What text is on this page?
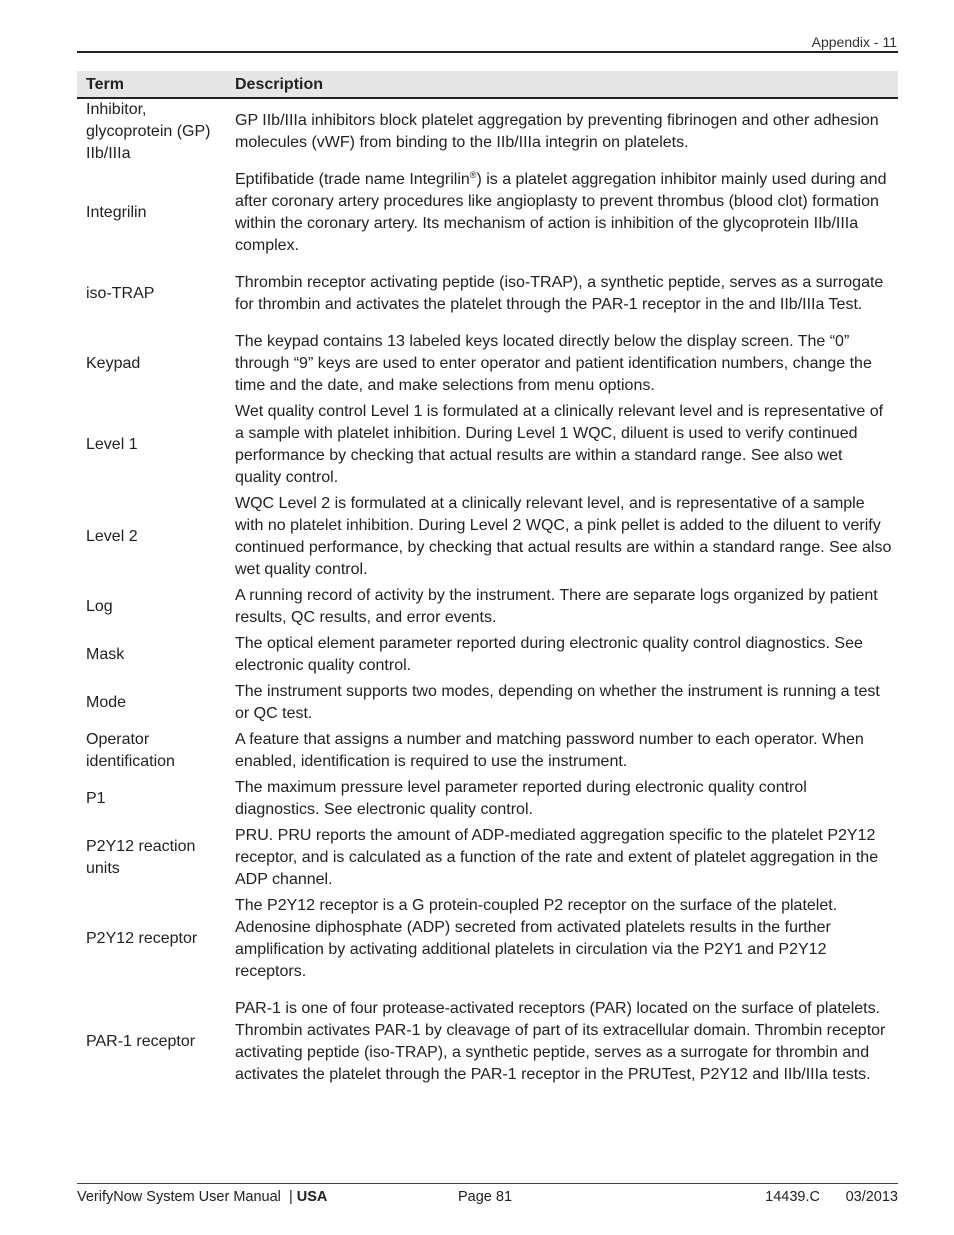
Appendix - 11
Term	Description
Inhibitor, glycoprotein (GP) IIb/IIIa	GP IIb/IIIa inhibitors block platelet aggregation by preventing fibrinogen and other adhesion molecules (vWF) from binding to the IIb/IIIa integrin on platelets.
Integrilin	Eptifibatide (trade name Integrilin®) is a platelet aggregation inhibitor mainly used during and after coronary artery procedures like angioplasty to prevent thrombus (blood clot) formation within the coronary artery. Its mechanism of action is inhibition of the glycoprotein IIb/IIIa complex.
iso-TRAP	Thrombin receptor activating peptide (iso-TRAP), a synthetic peptide, serves as a surrogate for thrombin and activates the platelet through the PAR-1 receptor in the and IIb/IIIa Test.
Keypad	The keypad contains 13 labeled keys located directly below the display screen. The “0” through “9” keys are used to enter operator and patient identification numbers, change the time and the date, and make selections from menu options.
Level 1	Wet quality control Level 1 is formulated at a clinically relevant level and is representative of a sample with platelet inhibition. During Level 1 WQC, diluent is used to verify continued performance by checking that actual results are within a standard range. See also wet quality control.
Level 2	WQC Level 2 is formulated at a clinically relevant level, and is representative of a sample with no platelet inhibition. During Level 2 WQC, a pink pellet is added to the diluent to verify continued performance, by checking that actual results are within a standard range. See also wet quality control.
Log	A running record of activity by the instrument. There are separate logs organized by patient results, QC results, and error events.
Mask	The optical element parameter reported during electronic quality control diagnostics. See electronic quality control.
Mode	The instrument supports two modes, depending on whether the instrument is running a test or QC test.
Operator identification	A feature that assigns a number and matching password number to each operator. When enabled, identification is required to use the instrument.
P1	The maximum pressure level parameter reported during electronic quality control diagnostics. See electronic quality control.
P2Y12 reaction units	PRU. PRU reports the amount of ADP-mediated aggregation specific to the platelet P2Y12 receptor, and is calculated as a function of the rate and extent of platelet aggregation in the ADP channel.
P2Y12 receptor	The P2Y12 receptor is a G protein-coupled P2 receptor on the surface of the platelet. Adenosine diphosphate (ADP) secreted from activated platelets results in the further amplification by activating additional platelets in circulation via the P2Y1 and P2Y12 receptors.
PAR-1 receptor	PAR-1 is one of four protease-activated receptors (PAR) located on the surface of platelets. Thrombin activates PAR-1 by cleavage of part of its extracellular domain. Thrombin receptor activating peptide (iso-TRAP), a synthetic peptide, serves as a surrogate for thrombin and activates the platelet through the PAR-1 receptor in the PRUTest, P2Y12 and IIb/IIIa tests.
VerifyNow System User Manual | USA	Page 81	14439.C 03/2013
